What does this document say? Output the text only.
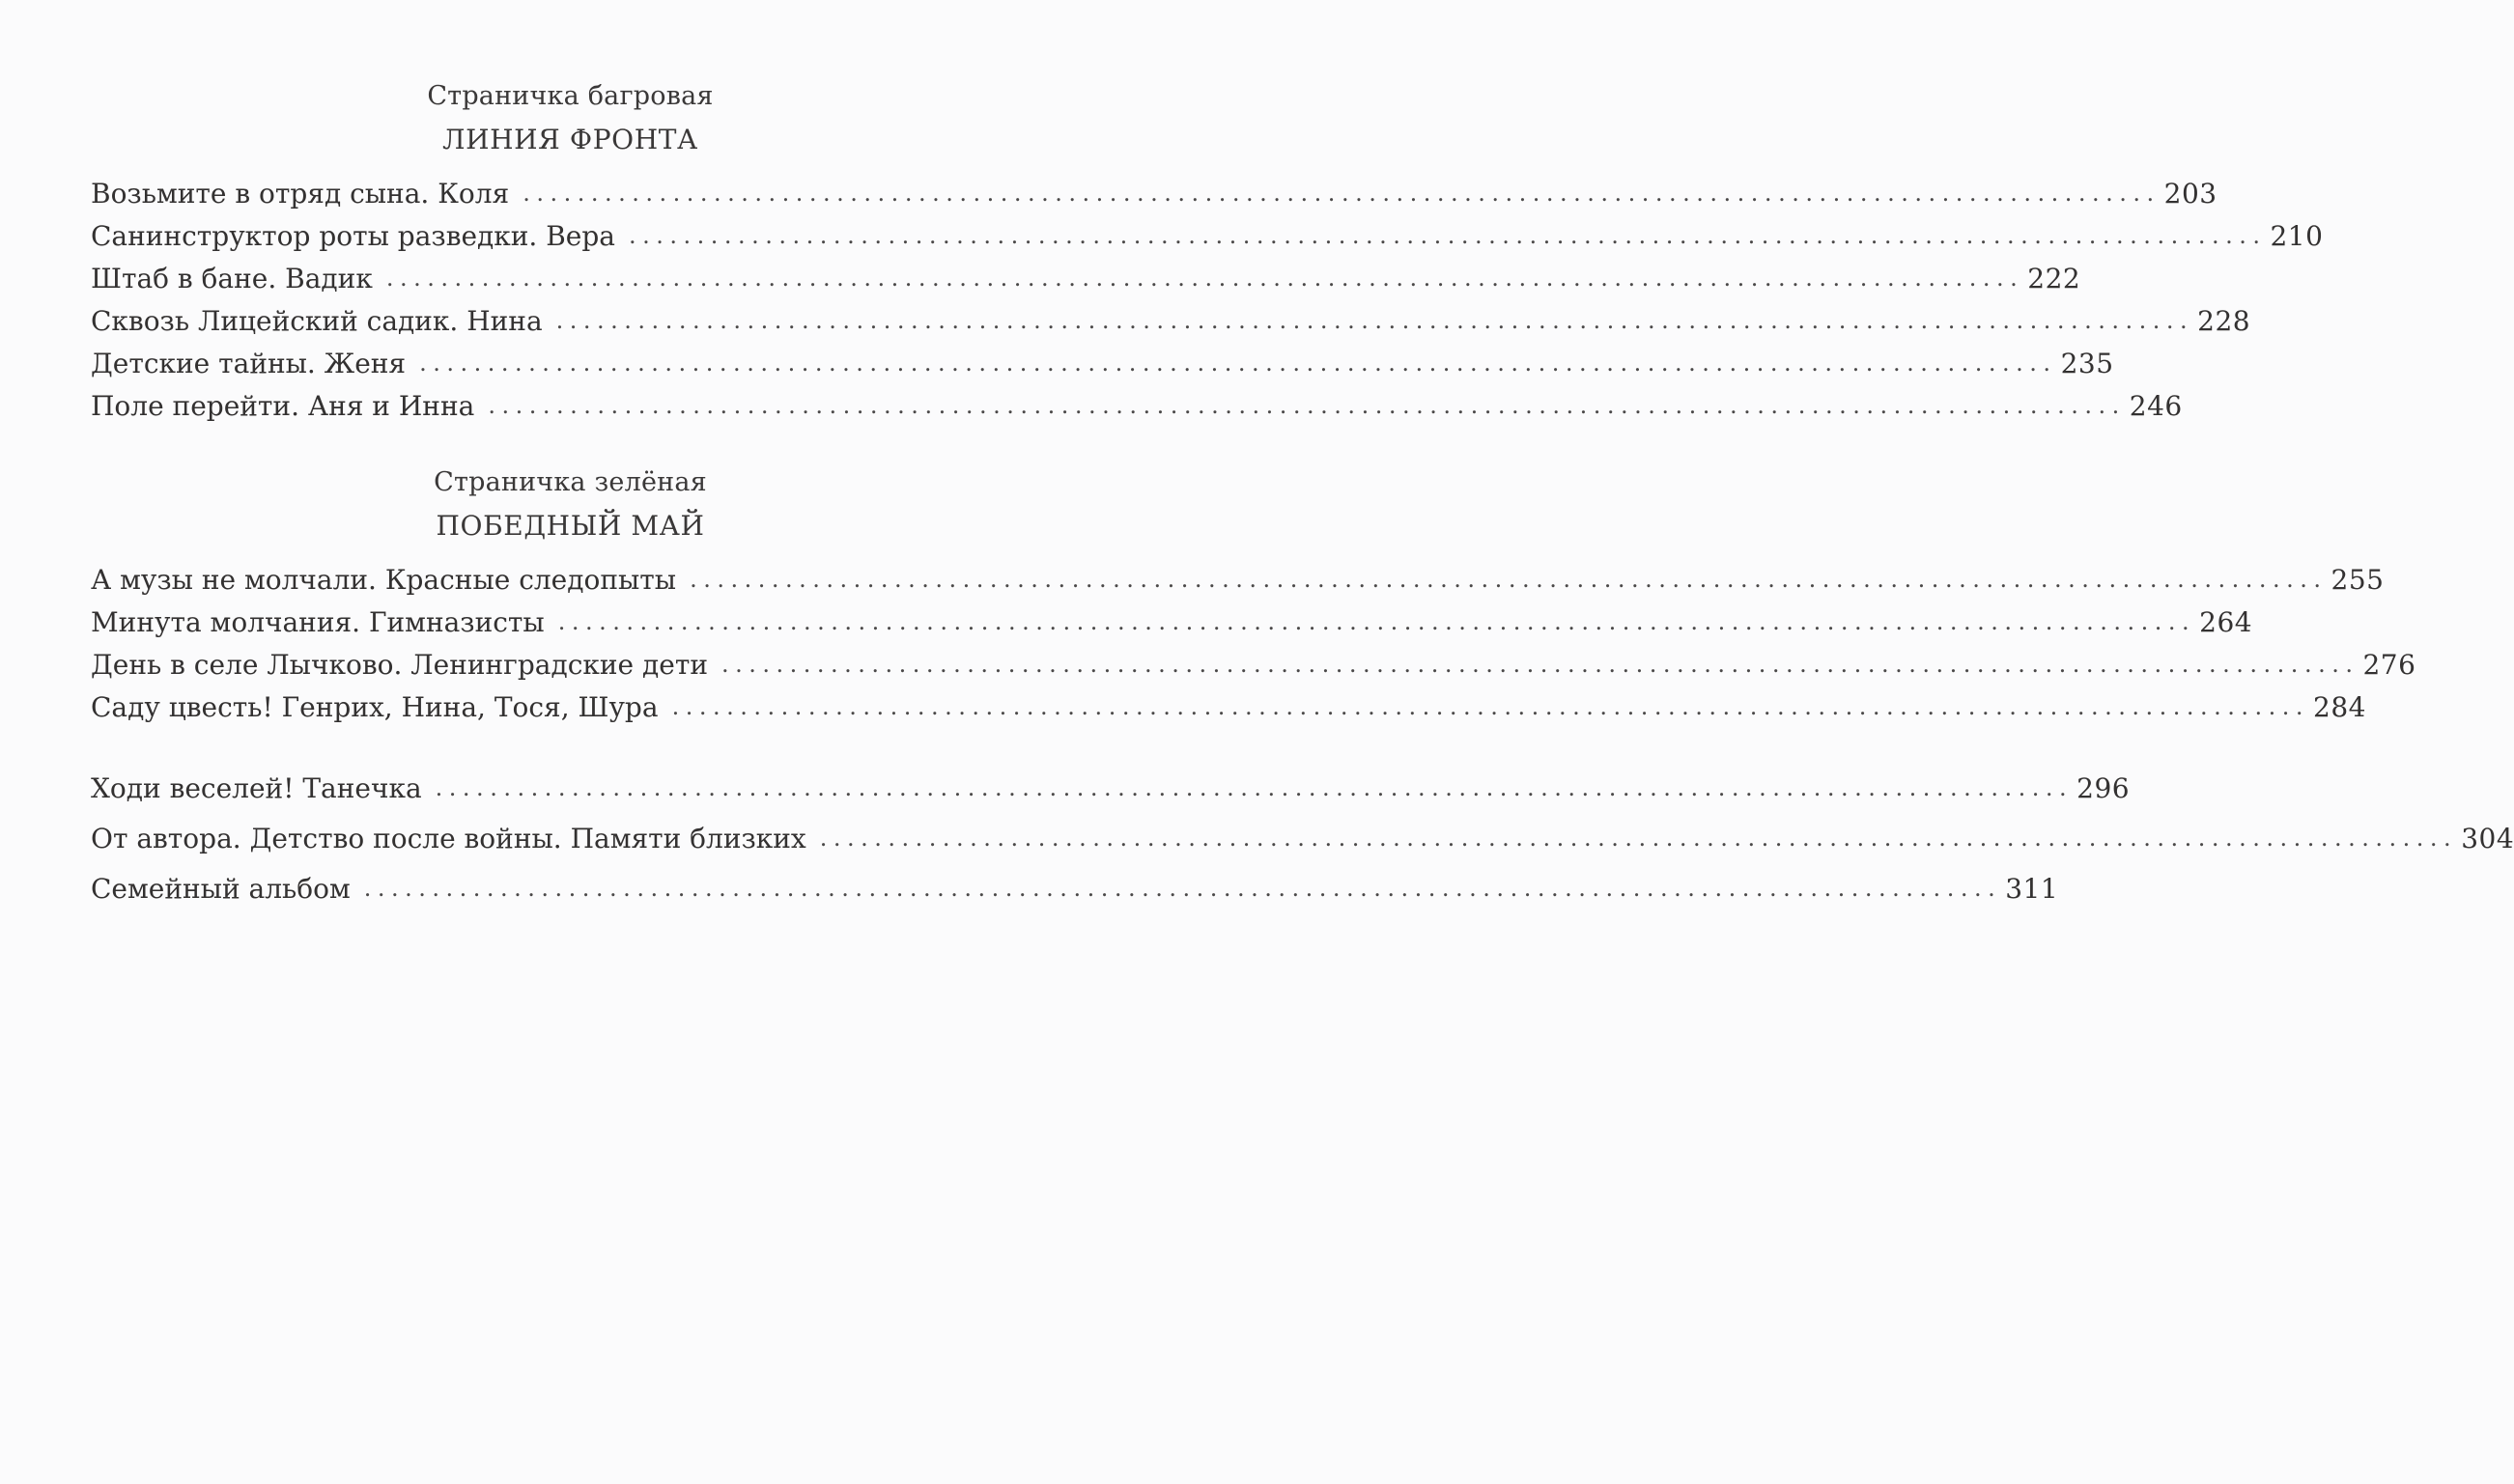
Страничка багровая
ЛИНИЯ ФРОНТА
Возьмите в отряд сына. Коля ........................................................................................................................ 203
Санинструктор роты разведки. Вера ........................................................................................................................ 210
Штаб в бане. Вадик ........................................................................................................................ 222
Сквозь Лицейский садик. Нина ........................................................................................................................ 228
Детские тайны. Женя ........................................................................................................................ 235
Поле перейти. Аня и Инна ........................................................................................................................ 246
Страничка зелёная
ПОБЕДНЫЙ МАЙ
А музы не молчали. Красные следопыты ........................................................................................................................ 255
Минута молчания. Гимназисты ........................................................................................................................ 264
День в селе Лычково. Ленинградские дети ........................................................................................................................ 276
Саду цвесть! Генрих, Нина, Тося, Шура ........................................................................................................................ 284
Ходи веселей! Танечка ........................................................................................................................ 296
От автора. Детство после войны. Памяти близких ........................................................................................................................ 304
Семейный альбом ........................................................................................................................ 311
